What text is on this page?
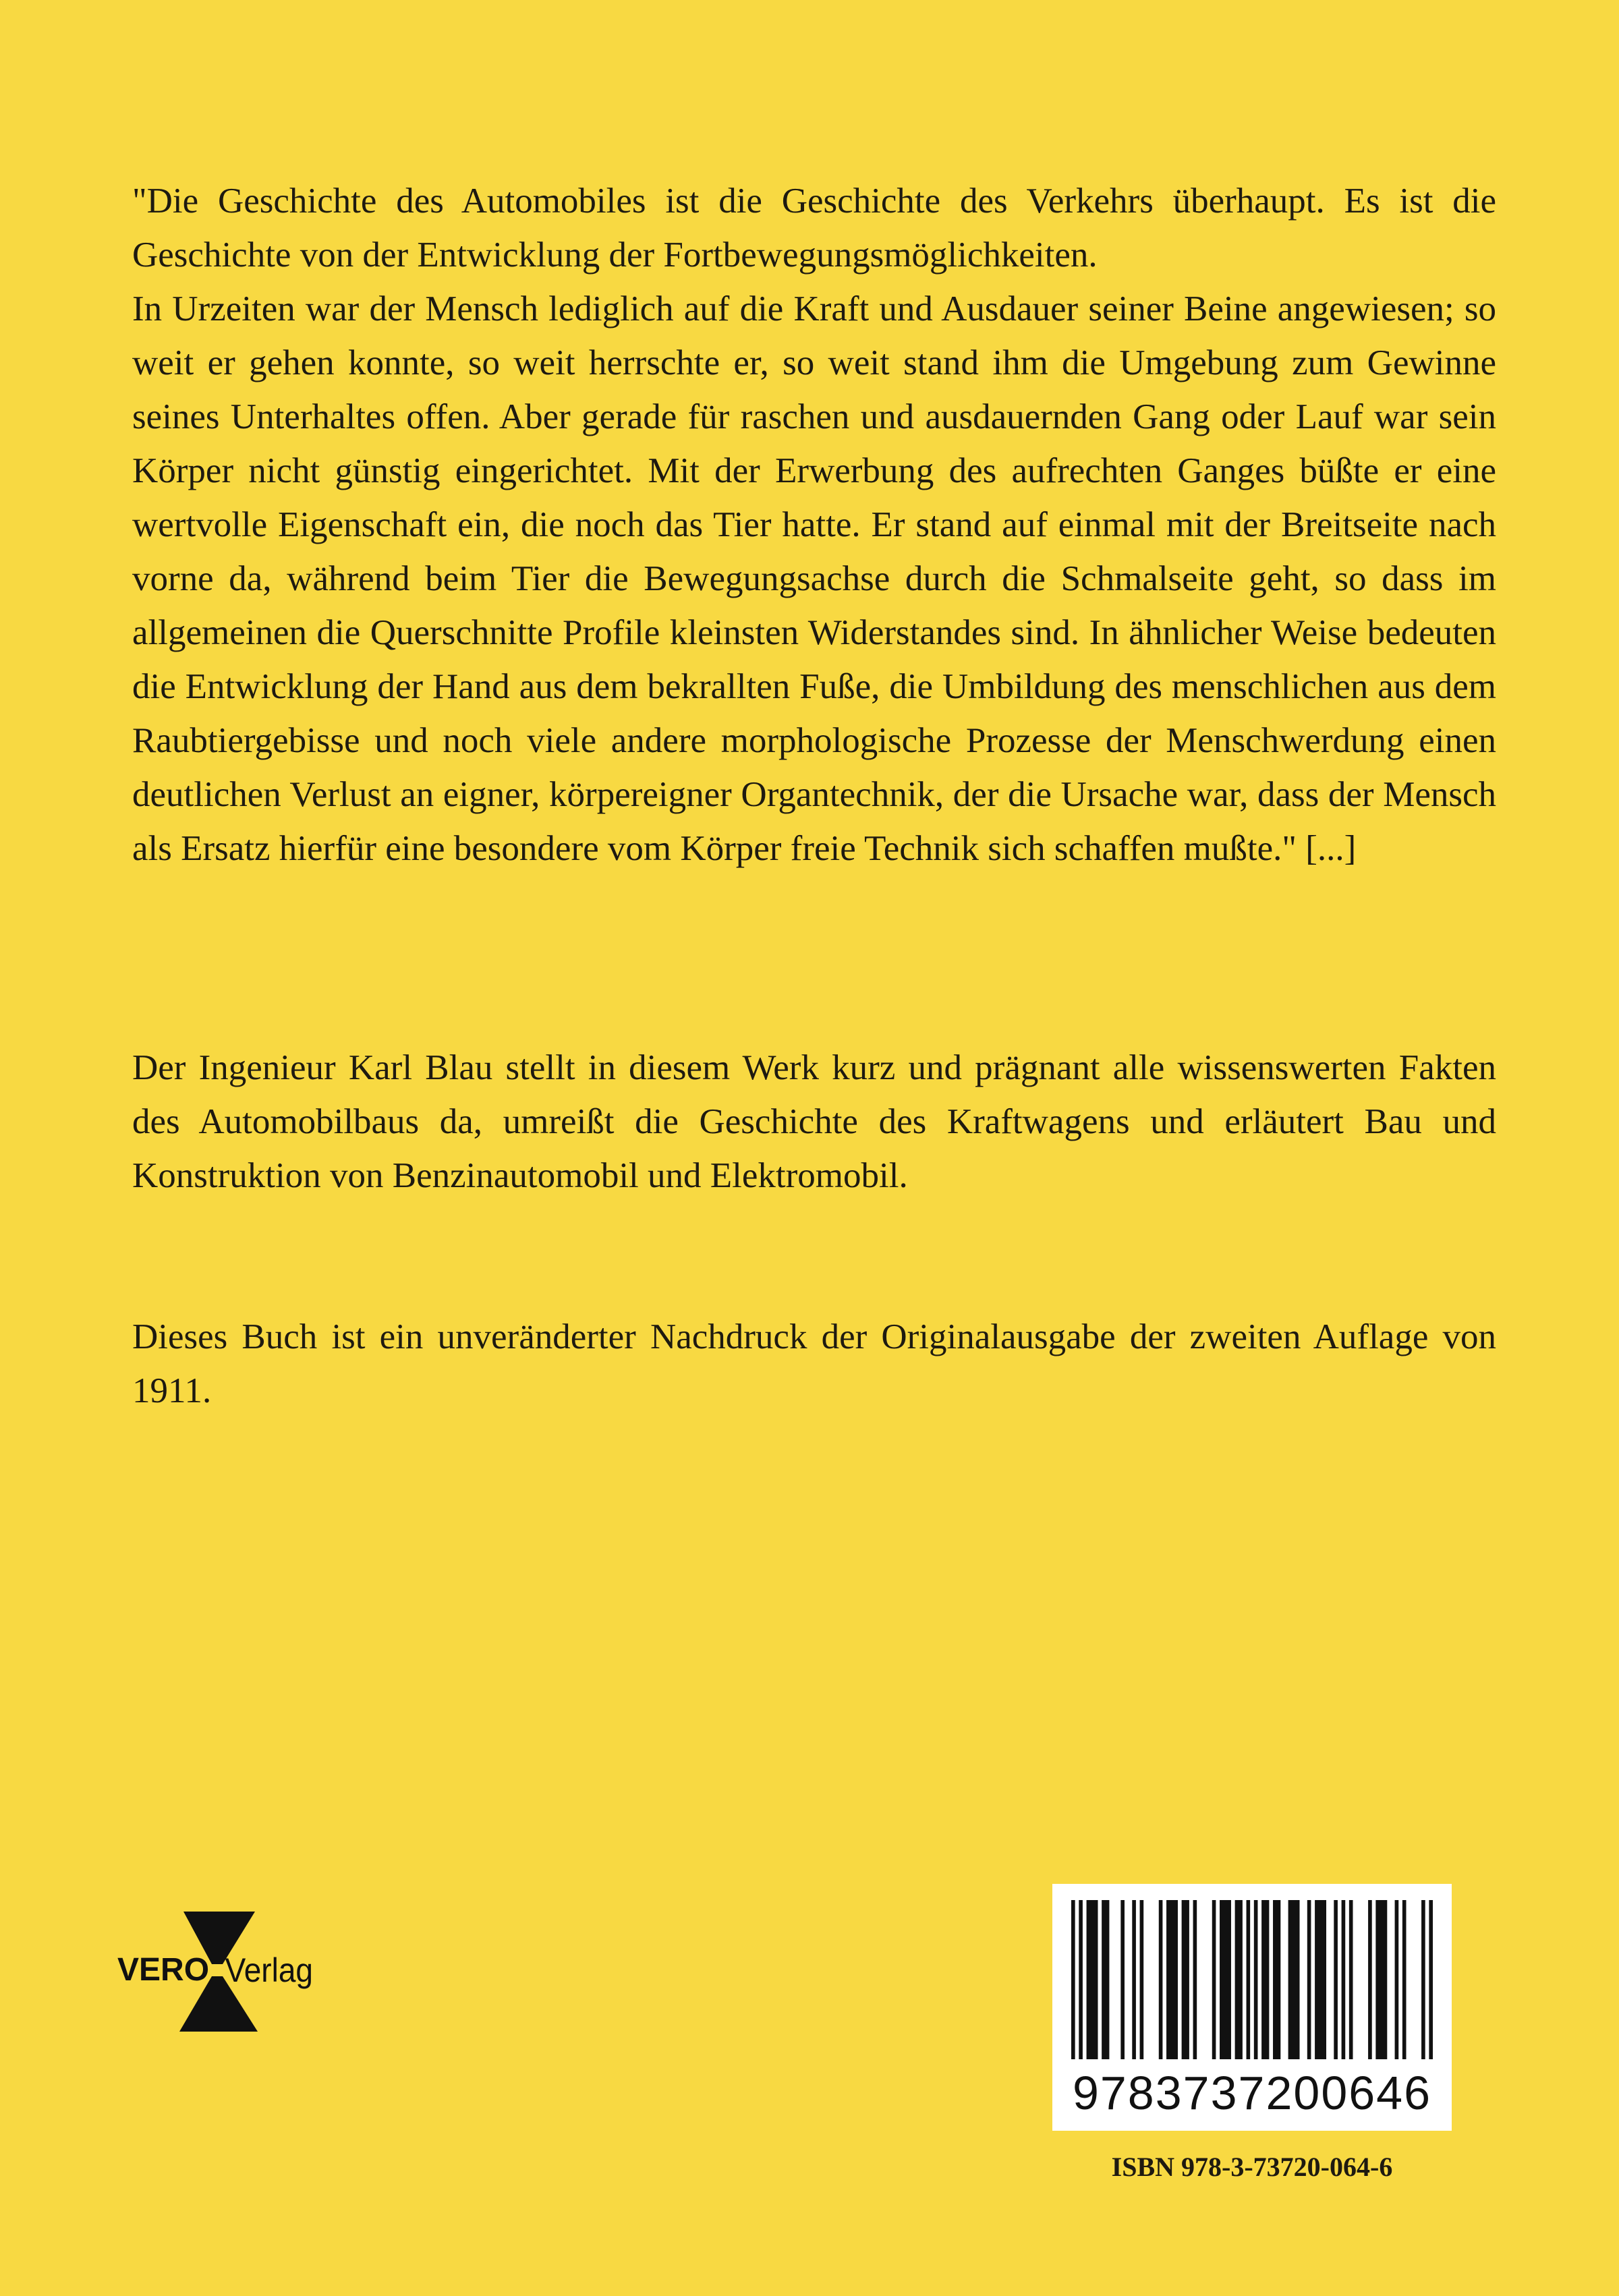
"Die Geschichte des Automobiles ist die Geschichte des Verkehrs überhaupt. Es ist die Geschichte von der Entwicklung der Fortbewegungsmöglichkeiten.

In Urzeiten war der Mensch lediglich auf die Kraft und Ausdauer seiner Beine angewiesen; so weit er gehen konnte, so weit herrschte er, so weit stand ihm die Umgebung zum Gewinne seines Unterhaltes offen. Aber gerade für raschen und ausdauernden Gang oder Lauf war sein Körper nicht günstig eingerichtet. Mit der Erwerbung des aufrechten Ganges büßte er eine wertvolle Eigenschaft ein, die noch das Tier hatte. Er stand auf einmal mit der Breitseite nach vorne da, während beim Tier die Bewegungsachse durch die Schmalseite geht, so dass im allgemeinen die Querschnitte Profile kleinsten Widerstandes sind. In ähnlicher Weise bedeuten die Entwicklung der Hand aus dem bekrallten Fuße, die Umbildung des menschlichen aus dem Raubtiergebisse und noch viele andere morphologische Prozesse der Menschwerdung einen deutlichen Verlust an eigner, körpereigner Organtechnik, der die Ursache war, dass der Mensch als Ersatz hierfür eine besondere vom Körper freie Technik sich schaffen mußte." [...]

Der Ingenieur Karl Blau stellt in diesem Werk kurz und prägnant alle wissenswerten Fakten des Automobilbaus da, umreißt die Geschichte des Kraftwagens und erläutert Bau und Konstruktion von Benzinautomobil und Elektromobil.

Dieses Buch ist ein unveränderter Nachdruck der Originalausgabe der zweiten Auflage von 1911.

VERO Verlag
9783737200646
ISBN 978-3-73720-064-6
